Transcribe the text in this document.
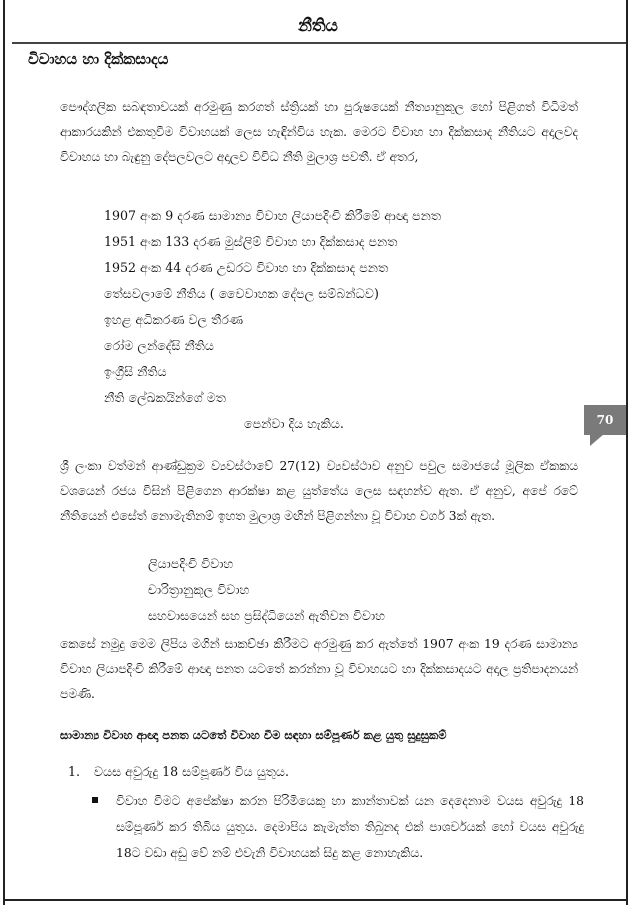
නීතිය
විවාහය හා දික්කසාදය
පෞද්ගලික සබඳතාවයක් අරමුණු කරගත් ස්ත්‍රියක් හා පුරුෂයෙක් නීත්‍යානුකුල හෝ පිළිගත් විධිමත් ආකාරයකින් එකතුවීම විවාහයක් ලෙස හැඳින්විය හැක. මෙරට විවාහ හා දික්කසාද නීතියට අදාලවද විවාහය හා බැඳුනු දේපලවලට අදාලව විවිධ නීති මුලාශ්‍ර පවතී. ඒ අතර,
1907 අංක 9 දරණ සාමාන්‍ය විවාහ ලියාපදිංචි කිරීමේ ආඥා පනත
1951 අංක 133 දරණ මුස්ලිම් විවාහ හා දික්කසාද පනත
1952 අංක 44 දරණ උඩරට විවාහ හා දික්කසාද පනත
තේසවලාමේ නීතිය ( වෛවාහක දේපල සම්බන්ධව)
ඉහළ අධිකරණ වල තීරණ
රෝම ලන්දේසි නීතිය
ඉංග්‍රීසි නීතිය
නීති ලේඛකයින්ගේ මත
පෙන්වා දිය හැකිය.	70
ශ්‍රී ලංකා වත්මන් ආණ්ඩුක්‍රම ව්‍යවස්ථාවේ 27(12) ව්‍යවස්ථාව අනුව පවුල සමාජයේ මූලික ඒකකය වශයෙන් රජය විසින් පිළිගෙන ආරක්ෂා කළ යුත්තේය ලෙස සඳහන්ව ඇත. ඒ අනුව, අපේ රටේ නීතියෙන් එසේත් නොමැතිනම් ඉහත මුලාශ්‍ර මඟින් පිළිගන්නා වූ විවාහ වගර් 3ක් ඇත.
ලියාපදිංචි විවාහ
චාරිත්‍රානුකූල විවාහ
සහවාසයෙන් සහ ප්‍රසිද්ධියෙන් ඇතිවන විවාහ
කෙසේ නමුදු මෙම ලිපිය මගින් සාකච්ඡා කිරීමට අරමුණු කර ඇත්තේ 1907 අංක 19 දරණ සාමාන්‍ය විවාහ ලියාපදිංචි කිරීමේ ආඥා පනත යටතේ කරන්නා වූ විවාහයට හා දික්කසාදයට අදාල ප්‍රතිපාදනයන් පමණි.
සාමාන්‍ය විවාහ ආඥා පනත යටතේ විවාහ වීම සඳහා සම්පූර්ණ කළ යුතු සුදුසුකම්
1. වයස අවුරුදු 18 සම්පූර්ණ විය යුතුය.
විවාහ වීමට අපේක්ෂා කරන පිරිමියෙකු හා කාන්තාවක් යන දෙදෙනාම වයස අවුරුදු 18 සම්පූණර් කර තිබිය යුතුය. දෙමාපිය කැමැත්ත තිබුනද එක් පාශර්වයක් හෝ වයස අවුරුදු 18ට වඩා අඩු වේ නම් එවැනි විවාහයක් සිදු කළ නොහැකිය.
